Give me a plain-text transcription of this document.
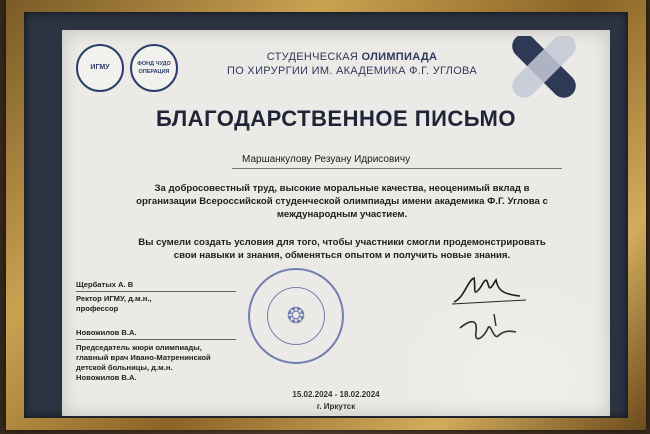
ИГМУ	ФОНД ЧУДО ОПЕРАЦИЯ
СТУДЕНЧЕСКАЯ ОЛИМПИАДА
ПО ХИРУРГИИ ИМ. АКАДЕМИКА Ф.Г. УГЛОВА
БЛАГОДАРСТВЕННОЕ ПИСЬМО
Маршанкулову Резуану Идрисовичу
За добросовестный труд, высокие моральные качества, неоценимый вклад в организации Всероссийской студенческой олимпиады имени академика Ф.Г. Углова с международным участием.
Вы сумели создать условия для того, чтобы участники смогли продемонстрировать свои навыки и знания, обменяться опытом и получить новые знания.
Щербатых А. В
Ректор ИГМУ, д.м.н., профессор
Новожилов В.А.
Председатель жюри олимпиады, главный врач Ивано-Матренинской детской больницы, д.м.н. Новожилов В.А.
❂
15.02.2024 - 18.02.2024
г. Иркутск
